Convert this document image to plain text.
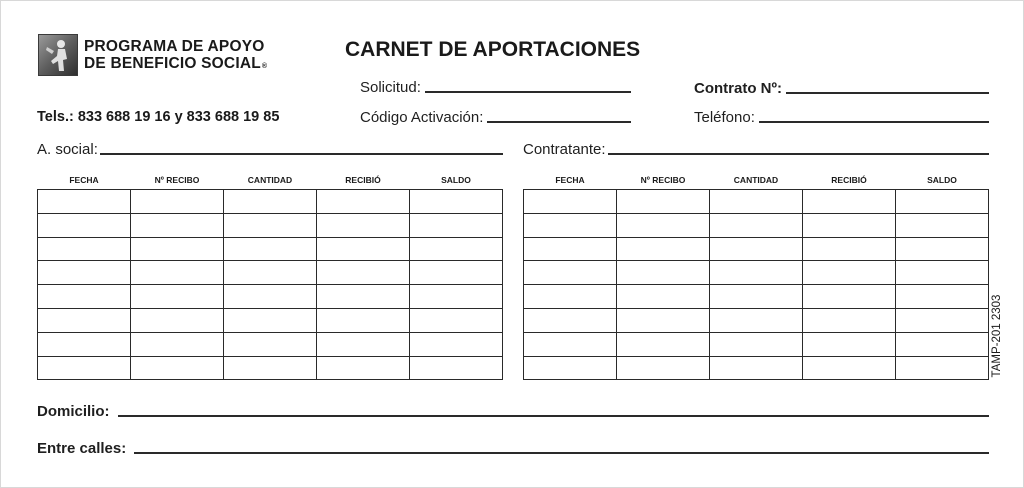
PROGRAMA DE APOYO
DE BENEFICIO SOCIAL®
CARNET DE APORTACIONES
Tels.: 833 688 19 16 y 833 688 19 85
Solicitud:
Código Activación:
Contrato Nº:
Teléfono:
A. social:	Contratante:
FECHA	Nº RECIBO	CANTIDAD	RECIBIÓ	SALDO

					FECHA	Nº RECIBO	CANTIDAD	RECIBIÓ	SALDO

TAMP-201 2303
Domicilio:
Entre calles:
